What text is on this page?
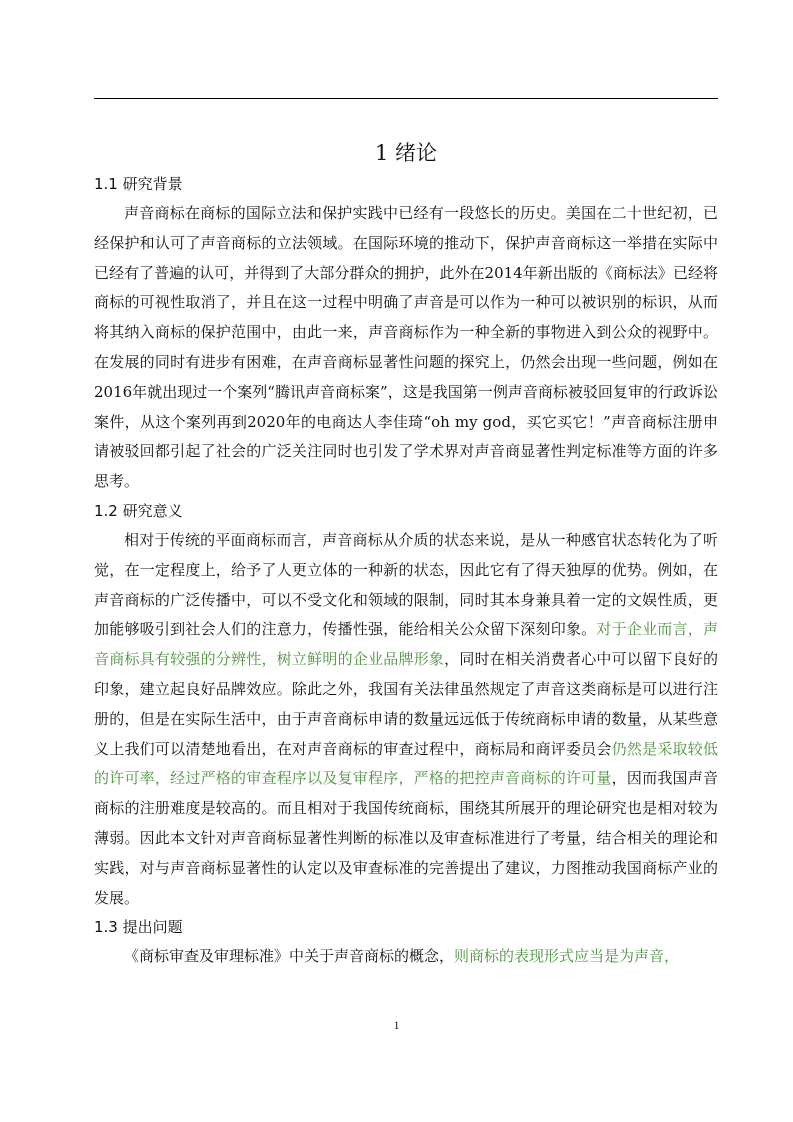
1 绪论
1.1 研究背景

声音商标在商标的国际立法和保护实践中已经有一段悠长的历史。美国在二十世纪初，已经保护和认可了声音商标的立法领域。在国际环境的推动下，保护声音商标这一举措在实际中已经有了普遍的认可，并得到了大部分群众的拥护，此外在2014年新出版的《商标法》已经将商标的可视性取消了，并且在这一过程中明确了声音是可以作为一种可以被识别的标识，从而将其纳入商标的保护范围中，由此一来，声音商标作为一种全新的事物进入到公众的视野中。在发展的同时有进步有困难，在声音商标显著性问题的探究上，仍然会出现一些问题，例如在2016年就出现过一个案列“腾讯声音商标案”，这是我国第一例声音商标被驳回复审的行政诉讼案件，从这个案列再到2020年的电商达人李佳琦“oh my god，买它买它！”声音商标注册申请被驳回都引起了社会的广泛关注同时也引发了学术界对声音商显著性判定标准等方面的许多思考。

1.2 研究意义

相对于传统的平面商标而言，声音商标从介质的状态来说，是从一种感官状态转化为了听觉，在一定程度上，给予了人更立体的一种新的状态，因此它有了得天独厚的优势。例如，在声音商标的广泛传播中，可以不受文化和领域的限制，同时其本身兼具着一定的文娱性质，更加能够吸引到社会人们的注意力，传播性强，能给相关公众留下深刻印象。对于企业而言，声音商标具有较强的分辨性，树立鲜明的企业品牌形象，同时在相关消费者心中可以留下良好的印象，建立起良好品牌效应。除此之外，我国有关法律虽然规定了声音这类商标是可以进行注册的，但是在实际生活中，由于声音商标申请的数量远远低于传统商标申请的数量，从某些意义上我们可以清楚地看出，在对声音商标的审查过程中，商标局和商评委员会仍然是采取较低的许可率，经过严格的审查程序以及复审程序，严格的把控声音商标的许可量，因而我国声音商标的注册难度是较高的。而且相对于我国传统商标，围绕其所展开的理论研究也是相对较为薄弱。因此本文针对声音商标显著性判断的标准以及审查标准进行了考量，结合相关的理论和实践，对与声音商标显著性的认定以及审查标准的完善提出了建议，力图推动我国商标产业的发展。

1.3 提出问题

《商标审查及审理标准》中关于声音商标的概念，则商标的表现形式应当是为声音，

1
